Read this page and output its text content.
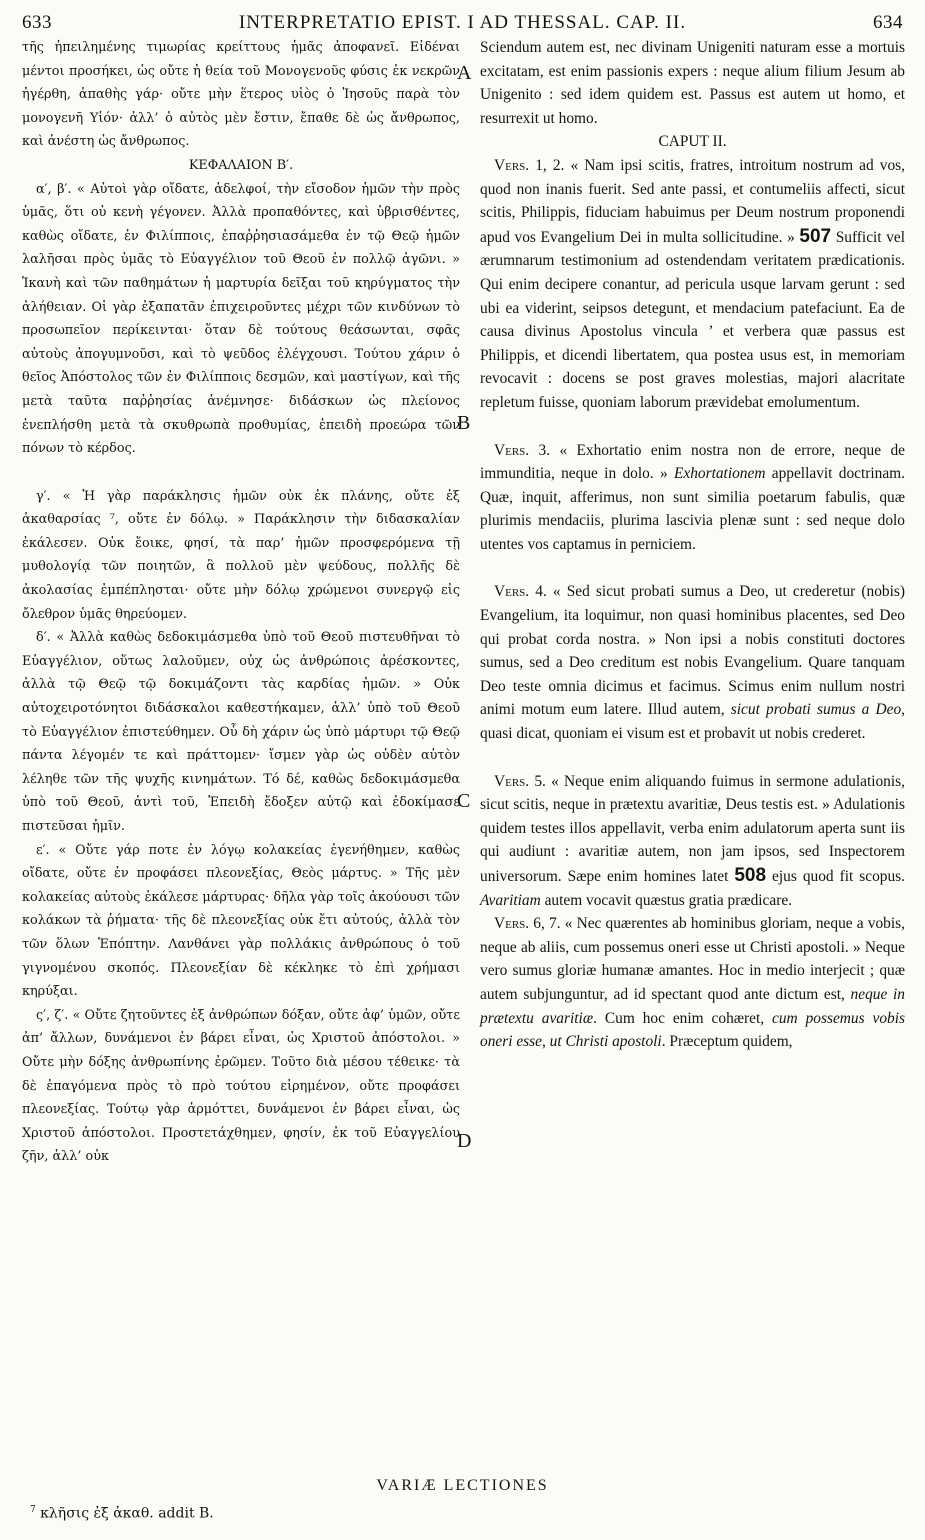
633	INTERPRETATIO EPIST. I AD THESSAL. CAP. II.	634

τῆς ἠπειλημένης τιμωρίας κρείττους ἡμᾶς ἀποφανεῖ. Εἰδέναι μέντοι προσήκει, ὡς οὔτε ἡ θεία τοῦ Μονογενοῦς φύσις ἐκ νεκρῶν ἠγέρθη, ἀπαθὴς γάρ· οὔτε μὴν ἕτερος υἱὸς ὁ Ἰησοῦς παρὰ τὸν μονογενῆ Υἱόν· ἀλλ’ ὁ αὐτὸς μὲν ἔστιν, ἔπαθε δὲ ὡς ἄνθρωπος, καὶ ἀνέστη ὡς ἄνθρωπος.

ΚΕΦΑΛΑΙΟΝ Β′.

α′, β′. « Αὐτοὶ γὰρ οἴδατε, ἀδελφοί, τὴν εἴσοδον ἡμῶν τὴν πρὸς ὑμᾶς, ὅτι οὐ κενὴ γέγονεν. Ἀλλὰ προπαθόντες, καὶ ὑβρισθέντες, καθὼς οἴδατε, ἐν Φιλίπποις, ἐπαῤῥησιασάμεθα ἐν τῷ Θεῷ ἡμῶν λαλῆσαι πρὸς ὑμᾶς τὸ Εὐαγγέλιον τοῦ Θεοῦ ἐν πολλῷ ἀγῶνι. » Ἱκανὴ καὶ τῶν παθημάτων ἡ μαρτυρία δεῖξαι τοῦ κηρύγματος τὴν ἀλήθειαν. Οἱ γὰρ ἐξαπατᾶν ἐπιχειροῦντες μέχρι τῶν κινδύνων τὸ προσωπεῖον περίκεινται· ὅταν δὲ τούτους θεάσωνται, σφᾶς αὐτοὺς ἀπογυμνοῦσι, καὶ τὸ ψεῦδος ἐλέγχουσι. Τούτου χάριν ὁ θεῖος Ἀπόστολος τῶν ἐν Φιλίπποις δεσμῶν, καὶ μαστίγων, καὶ τῆς μετὰ ταῦτα παῤῥησίας ἀνέμνησε· διδάσκων ὡς πλείονος ἐνεπλήσθη μετὰ τὰ σκυθρωπὰ προθυμίας, ἐπειδὴ προεώρα τῶν πόνων τὸ κέρδος.

γ′. « Ἡ γὰρ παράκλησις ἡμῶν οὐκ ἐκ πλάνης, οὔτε ἐξ ἀκαθαρσίας ⁷, οὔτε ἐν δόλῳ. » Παράκλησιν τὴν διδασκαλίαν ἐκάλεσεν. Οὐκ ἔοικε, φησί, τὰ παρ’ ἡμῶν προσφερόμενα τῇ μυθολογίᾳ τῶν ποιητῶν, ἃ πολλοῦ μὲν ψεύδους, πολλῆς δὲ ἀκολασίας ἐμπέπλησται· οὔτε μὴν δόλῳ χρώμενοι συνεργῷ εἰς ὄλεθρον ὑμᾶς θηρεύομεν.

δ′. « Ἀλλὰ καθὼς δεδοκιμάσμεθα ὑπὸ τοῦ Θεοῦ πιστευθῆναι τὸ Εὐαγγέλιον, οὕτως λαλοῦμεν, οὐχ ὡς ἀνθρώποις ἀρέσκοντες, ἀλλὰ τῷ Θεῷ τῷ δοκιμάζοντι τὰς καρδίας ἡμῶν. » Οὐκ αὐτοχειροτόνητοι διδάσκαλοι καθεστήκαμεν, ἀλλ’ ὑπὸ τοῦ Θεοῦ τὸ Εὐαγγέλιον ἐπιστεύθημεν. Οὗ δὴ χάριν ὡς ὑπὸ μάρτυρι τῷ Θεῷ πάντα λέγομέν τε καὶ πράττομεν· ἴσμεν γὰρ ὡς οὐδὲν αὐτὸν λέληθε τῶν τῆς ψυχῆς κινημάτων. Τό δέ, καθὼς δεδοκιμάσμεθα ὑπὸ τοῦ Θεοῦ, ἀντὶ τοῦ, Ἐπειδὴ ἔδοξεν αὐτῷ καὶ ἐδοκίμασε πιστεῦσαι ἡμῖν.

ε′. « Οὔτε γάρ ποτε ἐν λόγῳ κολακείας ἐγενήθημεν, καθὼς οἴδατε, οὔτε ἐν προφάσει πλεονεξίας, Θεὸς μάρτυς. » Τῆς μὲν κολακείας αὐτοὺς ἐκάλεσε μάρτυρας· δῆλα γὰρ τοῖς ἀκούουσι τῶν κολάκων τὰ ῥήματα· τῆς δὲ πλεονεξίας οὐκ ἔτι αὐτούς, ἀλλὰ τὸν τῶν ὅλων Ἐπόπτην. Λανθάνει γὰρ πολλάκις ἀνθρώπους ὁ τοῦ γιγνομένου σκοπός. Πλεονεξίαν δὲ κέκληκε τὸ ἐπὶ χρήμασι κηρύξαι.

ς′, ζ′. « Οὔτε ζητοῦντες ἐξ ἀνθρώπων δόξαν, οὔτε ἀφ’ ὑμῶν, οὔτε ἀπ’ ἄλλων, δυνάμενοι ἐν βάρει εἶναι, ὡς Χριστοῦ ἀπόστολοι. » Οὔτε μὴν δόξης ἀνθρωπίνης ἐρῶμεν. Τοῦτο διὰ μέσου τέθεικε· τὰ δὲ ἐπαγόμενα πρὸς τὸ πρὸ τούτου εἰρημένον, οὔτε προφάσει πλεονεξίας. Τούτῳ γὰρ ἁρμόττει, δυνάμενοι ἐν βάρει εἶναι, ὡς Χριστοῦ ἀπόστολοι. Προστετάχθημεν, φησίν, ἐκ τοῦ Εὐαγγελίου ζῆν, ἀλλ’ οὐκ

Sciendum autem est, nec divinam Unigeniti naturam esse a mortuis excitatam, est enim passionis expers : neque alium filium Jesum ab Unigenito : sed idem quidem est. Passus est autem ut homo, et resurrexit ut homo.

CAPUT II.

Vers. 1, 2. « Nam ipsi scitis, fratres, introitum nostrum ad vos, quod non inanis fuerit. Sed ante passi, et contumeliis affecti, sicut scitis, Philippis, fiduciam habuimus per Deum nostrum proponendi apud vos Evangelium Dei in multa sollicitudine. » 507 Sufficit vel ærumnarum testimonium ad ostendendam veritatem prædicationis. Qui enim decipere conantur, ad pericula usque larvam gerunt : sed ubi ea viderint, seipsos detegunt, et mendacium patefaciunt. Ea de causa divinus Apostolus vincula ’ et verbera quæ passus est Philippis, et dicendi libertatem, qua postea usus est, in memoriam revocavit : docens se post graves molestias, majori alacritate repletum fuisse, quoniam laborum prævidebat emolumentum.

Vers. 3. « Exhortatio enim nostra non de errore, neque de immunditia, neque in dolo. » Exhortationem appellavit doctrinam. Quæ, inquit, afferimus, non sunt similia poetarum fabulis, quæ plurimis mendaciis, plurima lascivia plenæ sunt : sed neque dolo utentes vos captamus in perniciem.

Vers. 4. « Sed sicut probati sumus a Deo, ut crederetur (nobis) Evangelium, ita loquimur, non quasi hominibus placentes, sed Deo qui probat corda nostra. » Non ipsi a nobis constituti doctores sumus, sed a Deo creditum est nobis Evangelium. Quare tanquam Deo teste omnia dicimus et facimus. Scimus enim nullum nostri animi motum eum latere. Illud autem, sicut probati sumus a Deo, quasi dicat, quoniam ei visum est et probavit ut nobis crederet.

Vers. 5. « Neque enim aliquando fuimus in sermone adulationis, sicut scitis, neque in prætextu avaritiæ, Deus testis est. » Adulationis quidem testes illos appellavit, verba enim adulatorum aperta sunt iis qui audiunt : avaritiæ autem, non jam ipsos, sed Inspectorem universorum. Sæpe enim homines latet 508 ejus quod fit scopus. Avaritiam autem vocavit quæstus gratia prædicare.

Vers. 6, 7. « Nec quærentes ab hominibus gloriam, neque a vobis, neque ab aliis, cum possemus oneri esse ut Christi apostoli. » Neque vero sumus gloriæ humanæ amantes. Hoc in medio interjecit ; quæ autem subjunguntur, ad id spectant quod ante dictum est, neque in prætextu avaritiæ. Cum hoc enim cohæret, cum possemus vobis oneri esse, ut Christi apostoli. Præceptum quidem,

A
B
C
D
VARIÆ LECTIONES
$^7$ κλῆσις ἐξ ἀκαθ. addit B.
